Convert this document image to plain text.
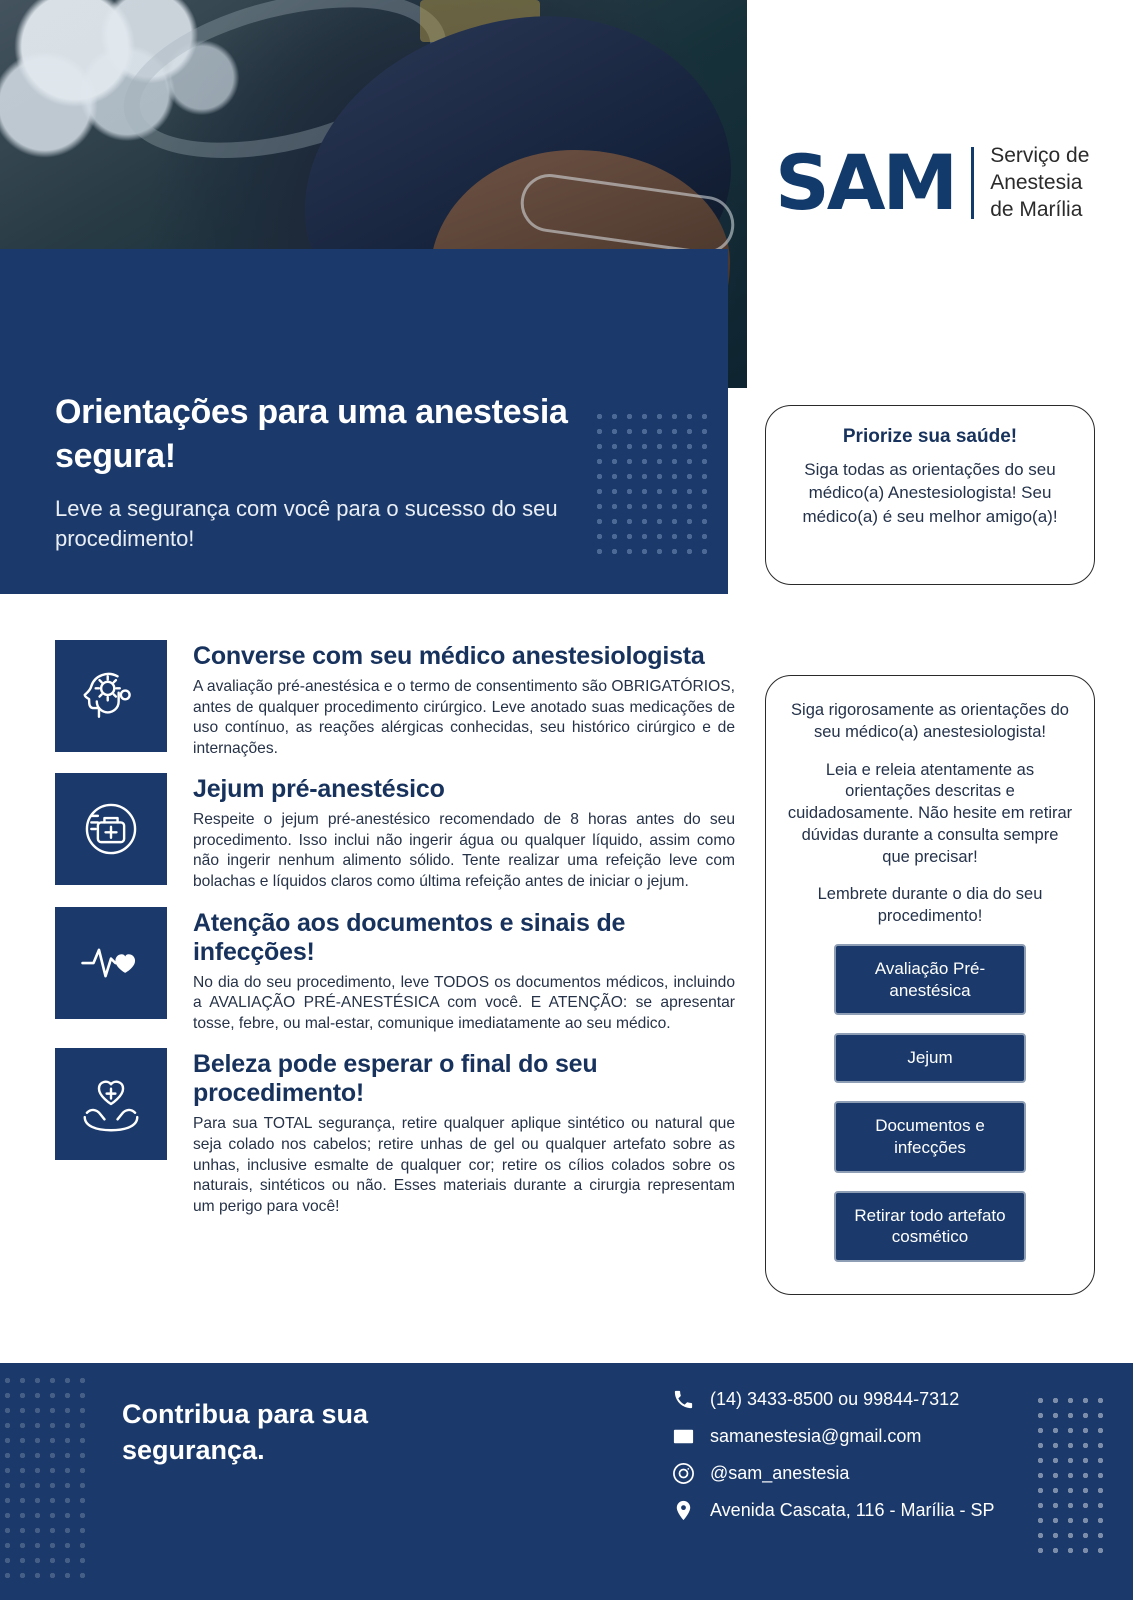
SAM Serviço de
Anestesia
de Marília
Orientações para uma anestesia segura!

Leve a segurança com você para o sucesso do seu procedimento!

Priorize sua saúde!
Siga todas as orientações do seu médico(a) Anestesiologista! Seu médico(a) é seu melhor amigo(a)!

Siga rigorosamente as orientações do seu médico(a) anestesiologista!

Leia e releia atentamente as orientações descritas e cuidadosamente. Não hesite em retirar dúvidas durante a consulta sempre que precisar!

Lembrete durante o dia do seu procedimento!

Avaliação Pré-anestésica
Jejum
Documentos e infecções
Retirar todo artefato cosmético
Converse com seu médico anestesiologista

A avaliação pré-anestésica e o termo de consentimento são OBRIGATÓRIOS, antes de qualquer procedimento cirúrgico. Leve anotado suas medicações de uso contínuo, as reações alérgicas conhecidas, seu histórico cirúrgico e de internações.

Jejum pré-anestésico

Respeite o jejum pré-anestésico recomendado de 8 horas antes do seu procedimento. Isso inclui não ingerir água ou qualquer líquido, assim como não ingerir nenhum alimento sólido. Tente realizar uma refeição leve com bolachas e líquidos claros como última refeição antes de iniciar o jejum.

Atenção aos documentos e sinais de infecções!

No dia do seu procedimento, leve TODOS os documentos médicos, incluindo a AVALIAÇÃO PRÉ-ANESTÉSICA com você. E ATENÇÃO: se apresentar tosse, febre, ou mal-estar, comunique imediatamente ao seu médico.

Beleza pode esperar o final do seu procedimento!

Para sua TOTAL segurança, retire qualquer aplique sintético ou natural que seja colado nos cabelos; retire unhas de gel ou qualquer artefato sobre as unhas, inclusive esmalte de qualquer cor; retire os cílios colados sobre os naturais, sintéticos ou não. Esses materiais durante a cirurgia representam um perigo para você!

Contribua para sua segurança.
(14) 3433-8500 ou 99844-7312
samanestesia@gmail.com
@sam_anestesia
Avenida Cascata, 116 - Marília - SP
